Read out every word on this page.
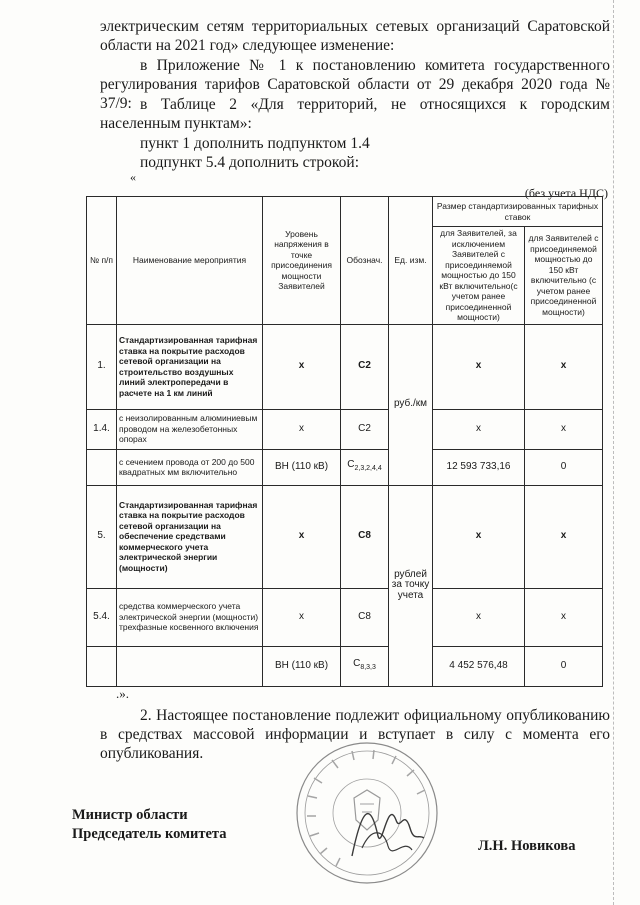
электрическим сетям территориальных сетевых организаций Саратовской области на 2021 год» следующее изменение:
в Приложение № 1 к постановлению комитета государственного регулирования тарифов Саратовской области от 29 декабря 2020 года № 37/9: в Таблице 2 «Для территорий, не относящихся к городским населенным пунктам»:
пункт 1 дополнить подпунктом 1.4
подпункт 5.4 дополнить строкой:
«
(без учета НДС)
№ п/п	Наименование мероприятия	Уровень напряжения в точке присоединения мощности Заявителей	Обознач.	Ед. изм.	Размер стандартизированных тарифных ставок	
					для Заявителей, за исключением Заявителей с присоединяемой мощностью до 150 кВт включительно(с учетом ранее присоединенной мощности)	для Заявителей с присоединяемой мощностью до 150 кВт включительно (с учетом ранее присоединенной мощности)
1.	Стандартизированная тарифная ставка на покрытие расходов сетевой организации на строительство воздушных линий электропередачи в расчете на 1 км линий	x	С2	руб./км	x	x
1.4.	с неизолированным алюминиевым проводом на железобетонных опорах	x	С2		x	x
	с сечением провода от 200 до 500 квадратных мм включительно	ВН (110 кВ)	$С_{2,3,2,4,4}$		12 593 733,16	0
5.	Стандартизированная тарифная ставка на покрытие расходов сетевой организации на обеспечение средствами коммерческого учета электрической энергии (мощности)	x	С8	рублей за точку учета	x	x
5.4.	средства коммерческого учета электрической энергии (мощности) трехфазные косвенного включения	x	С8		x	x
		ВН (110 кВ)	$С_{8,3,3}$		4 452 576,48	0
.».
2. Настоящее постановление подлежит официальному опубликованию в средствах массовой информации и вступает в силу с момента его опубликования.
Министр области
Председатель комитета
Л.Н. Новикова
